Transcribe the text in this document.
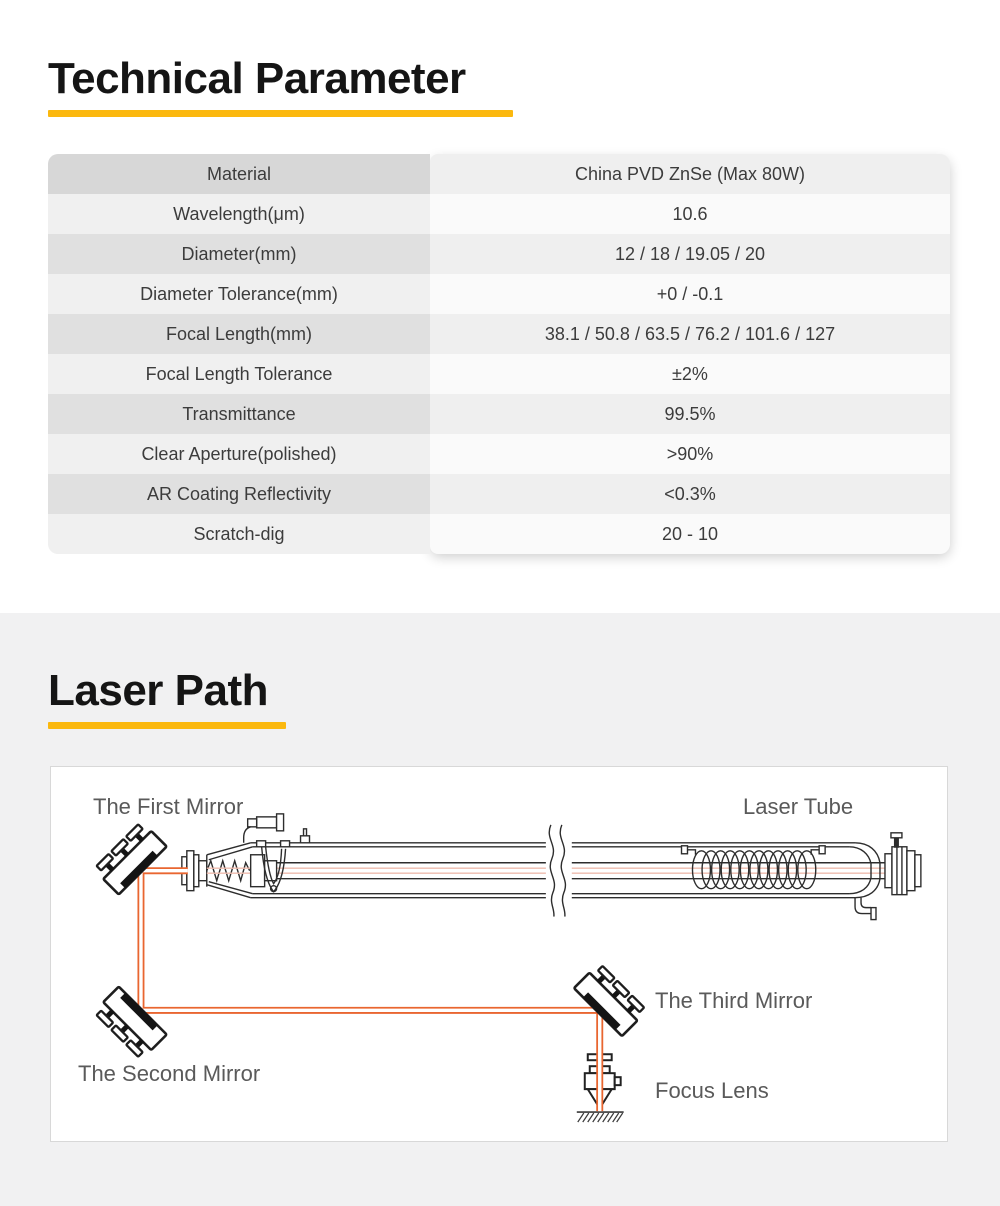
Technical Parameter
Material	China PVD ZnSe (Max 80W)
Wavelength(μm)	10.6
Diameter(mm)	12 / 18 / 19.05 / 20
Diameter Tolerance(mm)	+0 / -0.1
Focal Length(mm)	38.1 / 50.8 / 63.5 / 76.2 / 101.6 / 127
Focal Length Tolerance	±2%
Transmittance	99.5%
Clear Aperture(polished)	>90%
AR Coating Reflectivity	<0.3%
Scratch-dig	20 - 10
Laser Path
The First Mirror	Laser Tube
The Third Mirror
The Second Mirror
Focus Lens
